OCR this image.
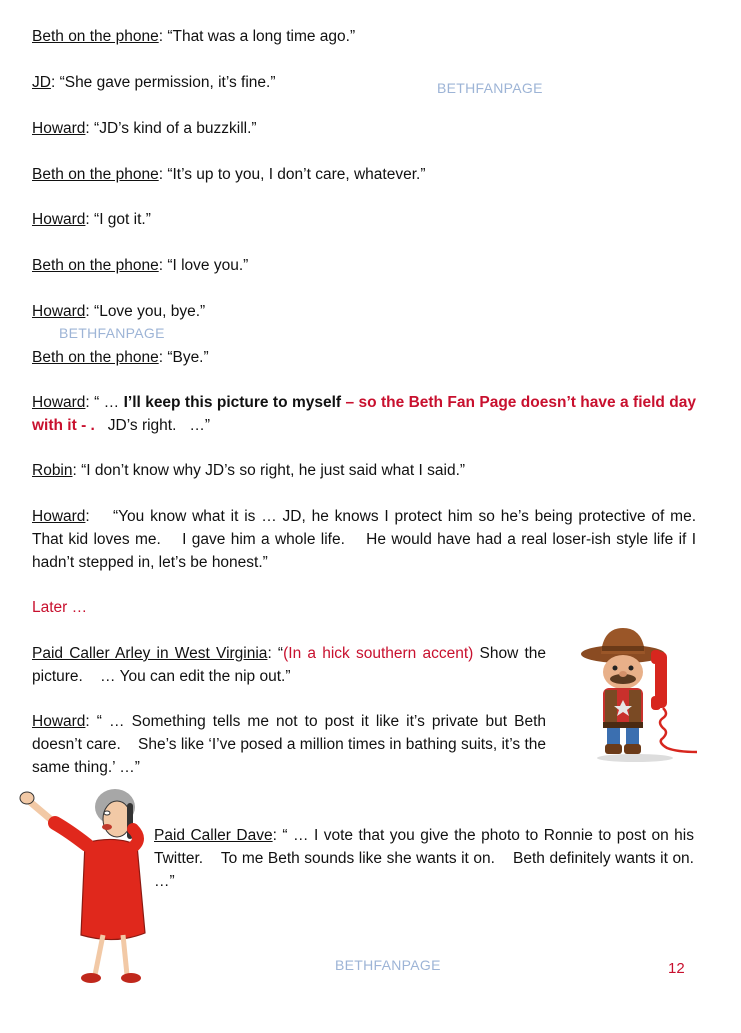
Beth on the phone: “That was a long time ago.”
JD: “She gave permission, it’s fine.”
Howard: “JD’s kind of a buzzkill.”
Beth on the phone: “It’s up to you, I don’t care, whatever.”
Howard: “I got it.”
Beth on the phone: “I love you.”
Howard: “Love you, bye.”
Beth on the phone: “Bye.”
Howard: “ … I’ll keep this picture to myself – so the Beth Fan Page doesn’t have a field day with it - .   JD’s right.   …”
Robin: “I don’t know why JD’s so right, he just said what I said.”
Howard:    “You know what it is … JD, he knows I protect him so he’s being protective of me.    That kid loves me.    I gave him a whole life.    He would have had a real loser-ish style life if I hadn’t stepped in, let’s be honest.”
Later …
Paid Caller Arley in West Virginia: “(In a hick southern accent) Show the picture.    … You can edit the nip out.”
Howard: “ … Something tells me not to post it like it’s private but Beth doesn’t care.    She’s like ‘I’ve posed a million times in bathing suits, it’s the same thing.’ …”
Paid Caller Dave: “ … I vote that you give the photo to Ronnie to post on his Twitter.    To me Beth sounds like she wants it on.    Beth definitely wants it on.    …”
BETHFANPAGE
BETHFANPAGE
BETHFANPAGE	12
